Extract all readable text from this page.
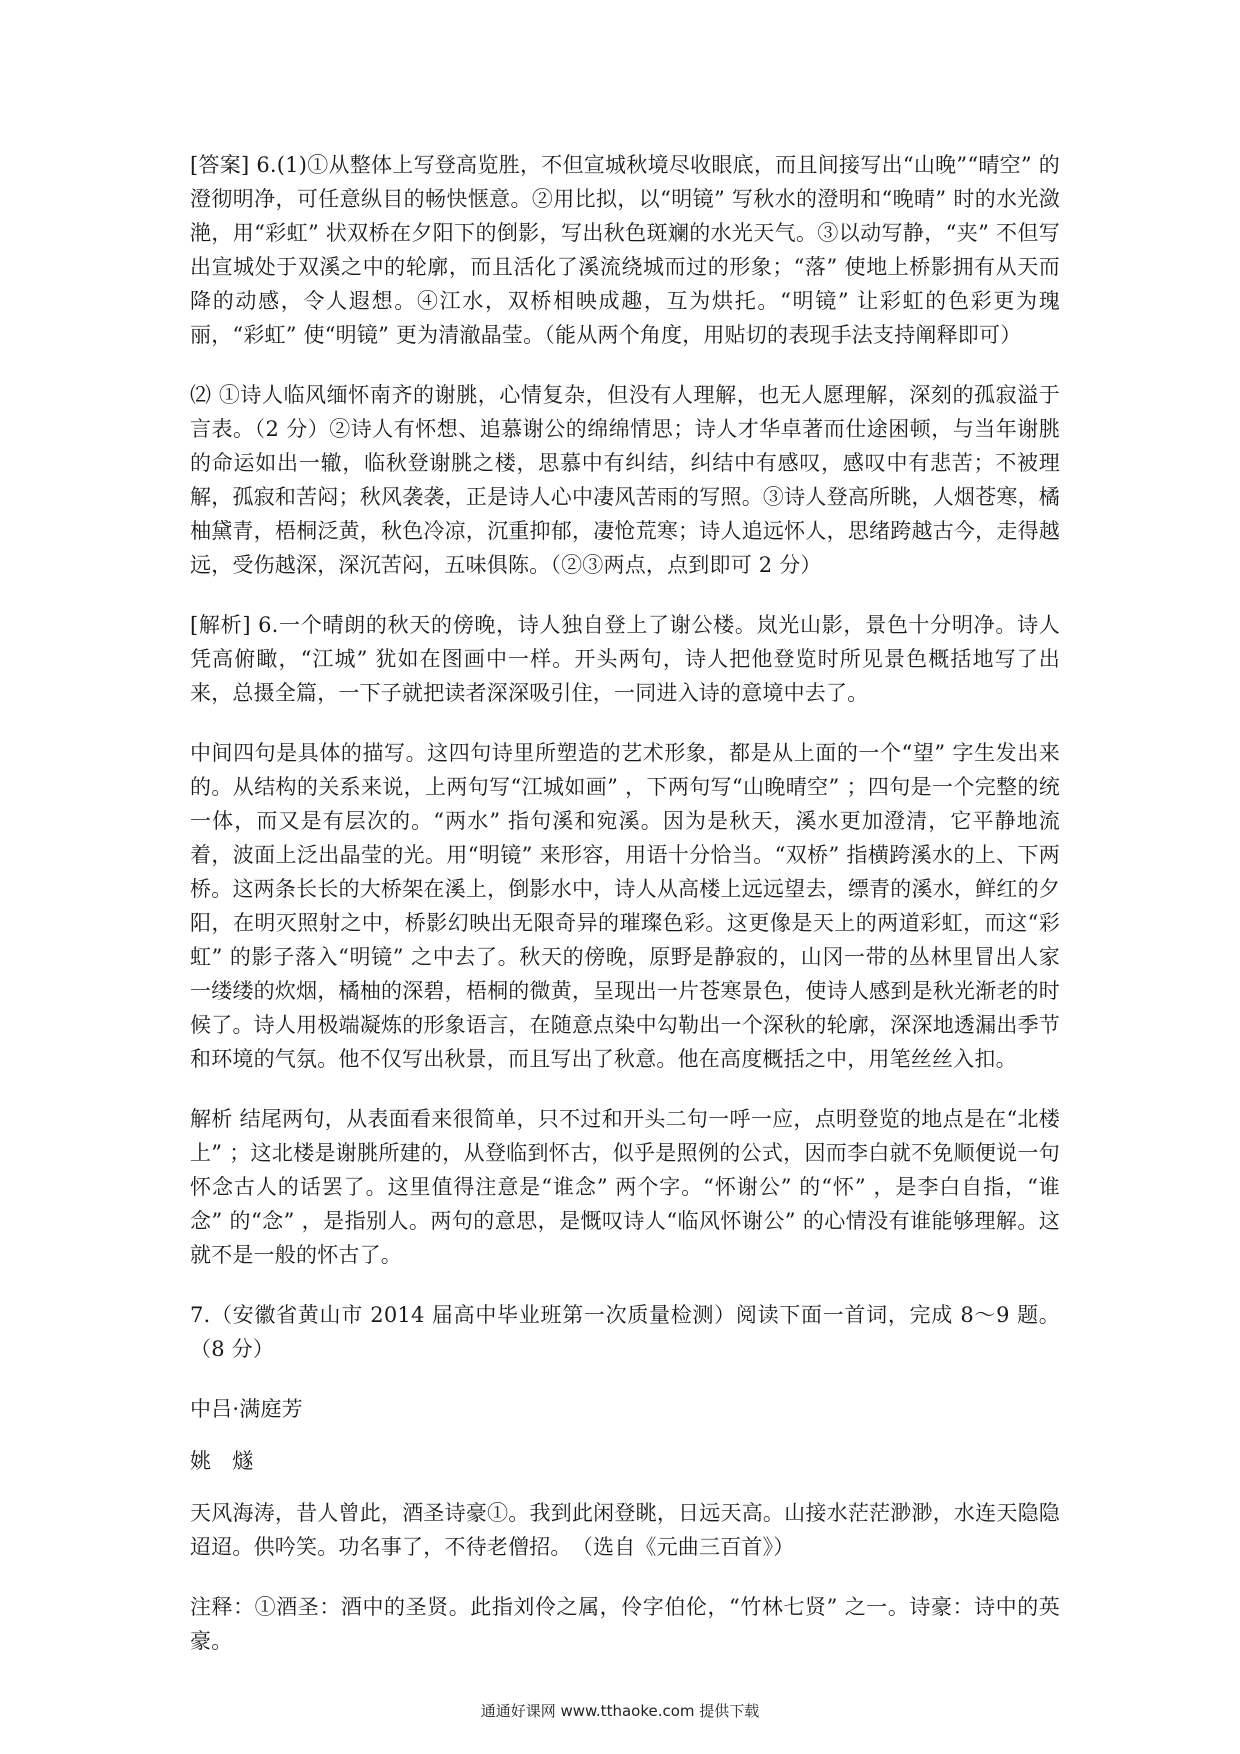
[答案] 6.(1)①从整体上写登高览胜，不但宣城秋境尽收眼底，而且间接写出“山晚”“晴空” 的澄彻明净，可任意纵目的畅快惬意。②用比拟，以“明镜” 写秋水的澄明和“晚晴” 时的水光潋滟，用“彩虹” 状双桥在夕阳下的倒影，写出秋色斑斓的水光天气。③以动写静，“夹” 不但写出宣城处于双溪之中的轮廓，而且活化了溪流绕城而过的形象；“落” 使地上桥影拥有从天而降的动感，令人遐想。④江水，双桥相映成趣，互为烘托。“明镜” 让彩虹的色彩更为瑰丽，“彩虹” 使“明镜” 更为清澈晶莹。（能从两个角度，用贴切的表现手法支持阐释即可）

⑵ ①诗人临风缅怀南齐的谢朓，心情复杂，但没有人理解，也无人愿理解，深刻的孤寂溢于言表。（2 分）②诗人有怀想、追慕谢公的绵绵情思；诗人才华卓著而仕途困顿，与当年谢朓的命运如出一辙，临秋登谢朓之楼，思慕中有纠结，纠结中有感叹，感叹中有悲苦；不被理解，孤寂和苦闷；秋风袭袭，正是诗人心中凄风苦雨的写照。③诗人登高所眺，人烟苍寒，橘柚黛青，梧桐泛黄，秋色冷凉，沉重抑郁，凄怆荒寒；诗人追远怀人，思绪跨越古今，走得越远，受伤越深，深沉苦闷，五味俱陈。（②③两点，点到即可 2 分）

[解析] 6.一个晴朗的秋天的傍晚，诗人独自登上了谢公楼。岚光山影，景色十分明净。诗人凭高俯瞰，“江城” 犹如在图画中一样。开头两句，诗人把他登览时所见景色概括地写了出来，总摄全篇，一下子就把读者深深吸引住，一同进入诗的意境中去了。

中间四句是具体的描写。这四句诗里所塑造的艺术形象，都是从上面的一个“望” 字生发出来的。从结构的关系来说，上两句写“江城如画” ，下两句写“山晚晴空” ；四句是一个完整的统一体，而又是有层次的。“两水” 指句溪和宛溪。因为是秋天，溪水更加澄清，它平静地流着，波面上泛出晶莹的光。用“明镜” 来形容，用语十分恰当。“双桥” 指横跨溪水的上、下两桥。这两条长长的大桥架在溪上，倒影水中，诗人从高楼上远远望去，缥青的溪水，鲜红的夕阳，在明灭照射之中，桥影幻映出无限奇异的璀璨色彩。这更像是天上的两道彩虹，而这“彩虹” 的影子落入“明镜” 之中去了。秋天的傍晚，原野是静寂的，山冈一带的丛林里冒出人家一缕缕的炊烟，橘柚的深碧，梧桐的微黄，呈现出一片苍寒景色，使诗人感到是秋光渐老的时候了。诗人用极端凝炼的形象语言，在随意点染中勾勒出一个深秋的轮廓，深深地透漏出季节和环境的气氛。他不仅写出秋景，而且写出了秋意。他在高度概括之中，用笔丝丝入扣。

解析 结尾两句，从表面看来很简单，只不过和开头二句一呼一应，点明登览的地点是在“北楼上” ；这北楼是谢朓所建的，从登临到怀古，似乎是照例的公式，因而李白就不免顺便说一句怀念古人的话罢了。这里值得注意是“谁念” 两个字。“怀谢公” 的“怀” ，是李白自指，“谁念” 的“念” ，是指别人。两句的意思，是慨叹诗人“临风怀谢公” 的心情没有谁能够理解。这就不是一般的怀古了。

7.（安徽省黄山市 2014 届高中毕业班第一次质量检测）阅读下面一首词，完成 8～9 题。（8 分）

中吕·满庭芳

姚　燧

天风海涛，昔人曾此，酒圣诗豪①。我到此闲登眺，日远天高。山接水茫茫渺渺，水连天隐隐迢迢。供吟笑。功名事了，不待老僧招。　（选自《元曲三百首》）

注释：①酒圣：酒中的圣贤。此指刘伶之属，伶字伯伦，“竹林七贤” 之一。诗豪：诗中的英豪。

通通好课网 www.tthaoke.com 提供下载
